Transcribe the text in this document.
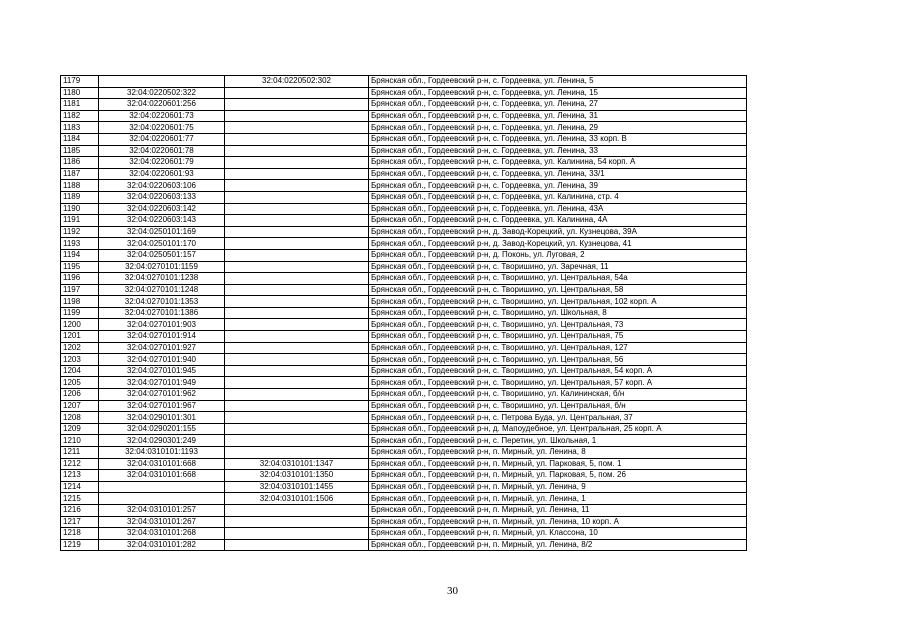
1179		32:04:0220502:302	Брянская обл., Гордеевский р-н, с. Гордеевка, ул. Ленина, 5
1180	32:04:0220502:322		Брянская обл., Гордеевский р-н, с. Гордеевка, ул. Ленина, 15
1181	32:04:0220601:256		Брянская обл., Гордеевский р-н, с. Гордеевка, ул. Ленина, 27
1182	32:04:0220601:73		Брянская обл., Гордеевский р-н, с. Гордеевка, ул. Ленина, 31
1183	32:04:0220601:75		Брянская обл., Гордеевский р-н, с. Гордеевка, ул. Ленина, 29
1184	32:04:0220601:77		Брянская обл., Гордеевский р-н, с. Гордеевка, ул. Ленина, 33 корп. В
1185	32:04:0220601:78		Брянская обл., Гордеевский р-н, с. Гордеевка, ул. Ленина, 33
1186	32:04:0220601:79		Брянская обл., Гордеевский р-н, с. Гордеевка, ул. Калинина, 54 корп. А
1187	32:04:0220601:93		Брянская обл., Гордеевский р-н, с. Гордеевка, ул. Ленина, 33/1
1188	32:04:0220603:106		Брянская обл., Гордеевский р-н, с. Гордеевка, ул. Ленина, 39
1189	32:04:0220603:133		Брянская обл., Гордеевский р-н, с. Гордеевка, ул. Калинина, стр. 4
1190	32:04:0220603:142		Брянская обл., Гордеевский р-н, с. Гордеевка, ул. Ленина, 43А
1191	32:04:0220603:143		Брянская обл., Гордеевский р-н, с. Гордеевка, ул. Калинина, 4А
1192	32:04:0250101:169		Брянская обл., Гордеевский р-н, д. Завод-Корецкий, ул. Кузнецова, 39А
1193	32:04:0250101:170		Брянская обл., Гордеевский р-н, д. Завод-Корецкий, ул. Кузнецова, 41
1194	32:04:0250501:157		Брянская обл., Гордеевский р-н, д. Поконь, ул. Луговая, 2
1195	32:04:0270101:1159		Брянская обл., Гордеевский р-н, с. Творишино, ул. Заречная, 11
1196	32:04:0270101:1238		Брянская обл., Гордеевский р-н, с. Творишино, ул. Центральная, 54а
1197	32:04:0270101:1248		Брянская обл., Гордеевский р-н, с. Творишино, ул. Центральная, 58
1198	32:04:0270101:1353		Брянская обл., Гордеевский р-н, с. Творишино, ул. Центральная, 102 корп. А
1199	32:04:0270101:1386		Брянская обл., Гордеевский р-н, с. Творишино, ул. Школьная, 8
1200	32:04:0270101:903		Брянская обл., Гордеевский р-н, с. Творишино, ул. Центральная, 73
1201	32:04:0270101:914		Брянская обл., Гордеевский р-н, с. Творишино, ул. Центральная, 75
1202	32:04:0270101:927		Брянская обл., Гордеевский р-н, с. Творишино, ул. Центральная, 127
1203	32:04:0270101:940		Брянская обл., Гордеевский р-н, с. Творишино, ул. Центральная, 56
1204	32:04:0270101:945		Брянская обл., Гордеевский р-н, с. Творишино, ул. Центральная, 54 корп. А
1205	32:04:0270101:949		Брянская обл., Гордеевский р-н, с. Творишино, ул. Центральная, 57 корп. А
1206	32:04:0270101:962		Брянская обл., Гордеевский р-н, с. Творишино, ул. Калининская, б/н
1207	32:04:0270101:967		Брянская обл., Гордеевский р-н, с. Творишино, ул. Центральная, б/н
1208	32:04:0290101:301		Брянская обл., Гордеевский р-н, с. Петрова Буда, ул. Центральная, 37
1209	32:04:0290201:155		Брянская обл., Гордеевский р-н, д. Мапоудебное, ул. Центральная, 25 корп. А
1210	32:04:0290301:249		Брянская обл., Гордеевский р-н, с. Перетин, ул. Школьная, 1
1211	32:04:0310101:1193		Брянская обл., Гордеевский р-н, п. Мирный, ул. Ленина, 8
1212	32:04:0310101:668	32:04:0310101:1347	Брянская обл., Гордеевский р-н, п. Мирный, ул. Парковая, 5, пом. 1
1213	32:04:0310101:668	32:04:0310101:1350	Брянская обл., Гордеевский р-н, п. Мирный, ул. Парковая, 5, пом. 26
1214		32:04:0310101:1455	Брянская обл., Гордеевский р-н, п. Мирный, ул. Ленина, 9
1215		32:04:0310101:1506	Брянская обл., Гордеевский р-н, п. Мирный, ул. Ленина, 1
1216	32:04:0310101:257		Брянская обл., Гордеевский р-н, п. Мирный, ул. Ленина, 11
1217	32:04:0310101:267		Брянская обл., Гордеевский р-н, п. Мирный, ул. Ленина, 10 корп. А
1218	32:04:0310101:268		Брянская обл., Гордеевский р-н, п. Мирный, ул. Классона, 10
1219	32:04:0310101:282		Брянская обл., Гордеевский р-н, п. Мирный, ул. Ленина, 8/2
30
